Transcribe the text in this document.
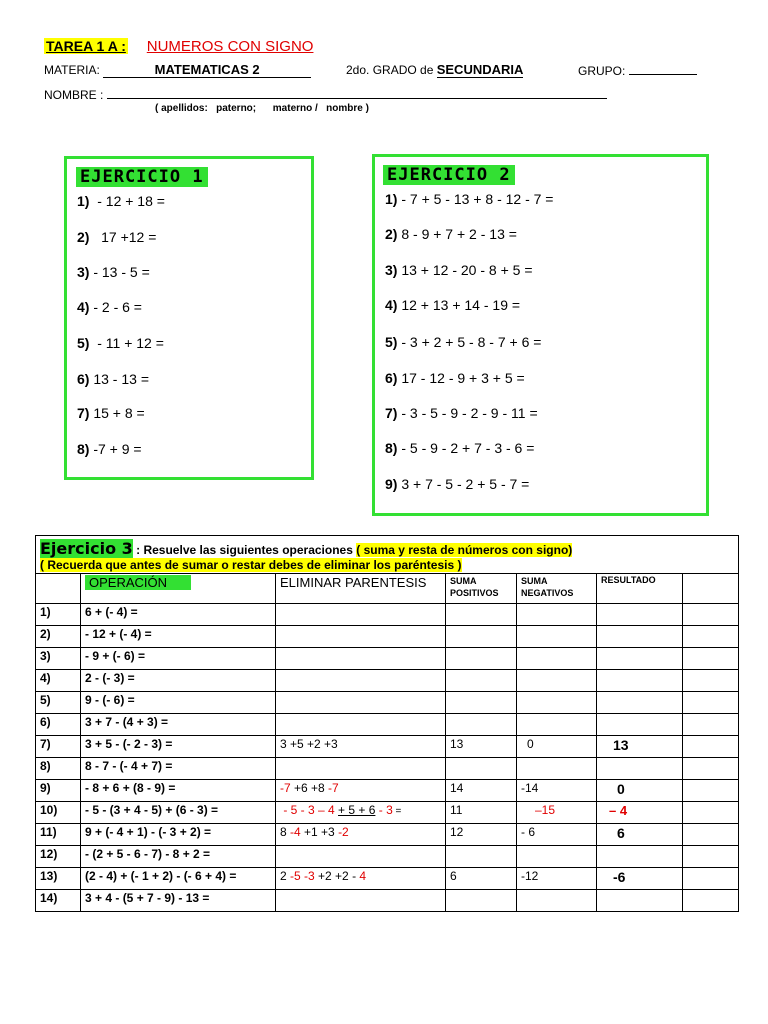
TAREA 1 A : NUMEROS CON SIGNO
MATERIA:	MATEMATICAS 2	2do. GRADO de SECUNDARIA	GRUPO:
NOMBRE :
( apellidos:   paterno;      materno /   nombre )
EJERCICIO 1
1)  - 12 + 18 =
2)   17 +12 =
3) - 13 - 5 =
4) - 2 - 6 =
5)  - 11 + 12 =
6) 13 - 13 =
7) 15 + 8 =
8) -7 + 9 =
EJERCICIO 2
1) - 7 + 5 - 13 + 8 - 12 - 7 =
2) 8 - 9 + 7 + 2 - 13 =
3) 13 + 12 - 20 - 8 + 5 =
4) 12 + 13 + 14 - 19 =
5) - 3 + 2 + 5 - 8 - 7 + 6 =
6) 17 - 12 - 9 + 3 + 5 =
7) - 3 - 5 - 9 - 2 - 9 - 11 =
8) - 5 - 9 - 2 + 7 - 3 - 6 =
9) 3 + 7 - 5 - 2 + 5 - 7 =
Ejercicio 3 : Resuelve las siguientes operaciones ( suma y resta de números con signo)
( Recuerda que antes de sumar o restar debes de eliminar los paréntesis )						
	OPERACIÓN	ELIMINAR PARENTESIS	SUMA POSITIVOS	SUMA NEGATIVOS	RESULTADO	
1)	6 + (- 4) =					
2)	- 12 + (- 4) =					
3)	- 9 + (- 6) =					
4)	2 - (- 3) =					
5)	9 - (- 6) =					
6)	3 + 7 - (4 + 3) =					
7)	3 + 5 - (- 2 - 3) =	3 +5 +2 +3	13	0	13	
8)	8 - 7 - (- 4 + 7) =					
9)	- 8 + 6 + (8 - 9) =	-7 +6 +8 -7	14	-14	0	
10)	- 5 - (3 + 4 - 5) + (6 - 3) =	- 5 - 3 – 4 + 5 + 6 - 3 =	11	–15	– 4	
11)	9 + (- 4 + 1) - (- 3 + 2) =	8 -4 +1 +3 -2	12	- 6	6	
12)	- (2 + 5 - 6 - 7) - 8 + 2 =					
13)	(2 - 4) + (- 1 + 2) - (- 6 + 4) =	2 -5 -3 +2 +2 - 4	6	-12	-6	
14)	3 + 4 - (5 + 7 - 9) - 13 =					
